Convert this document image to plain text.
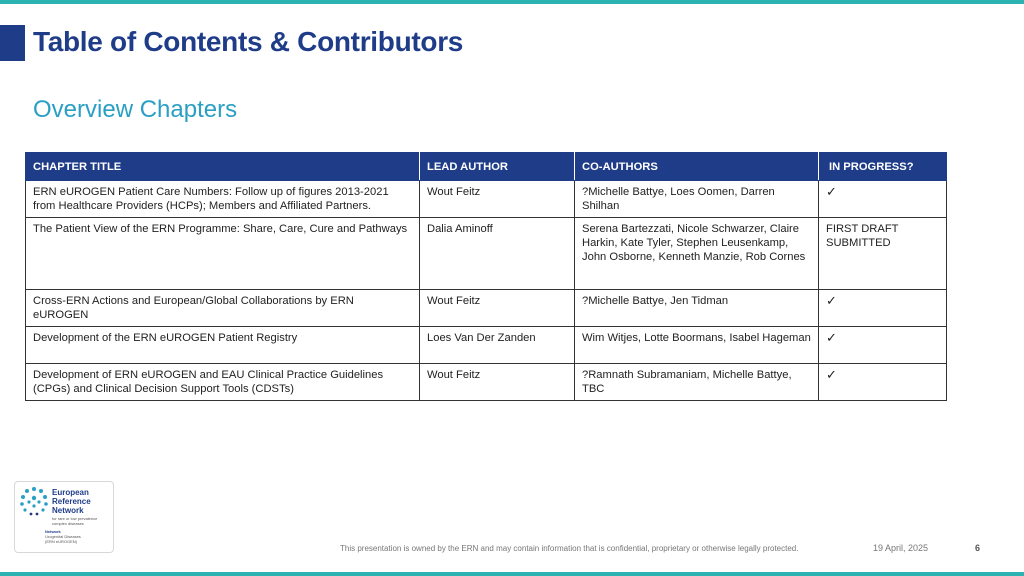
Table of Contents & Contributors
Overview Chapters
CHAPTER TITLE	LEAD AUTHOR	CO-AUTHORS	IN PROGRESS?
ERN eUROGEN Patient Care Numbers: Follow up of figures 2013-2021 from Healthcare Providers (HCPs); Members and Affiliated Partners.	Wout Feitz	?Michelle Battye, Loes Oomen, Darren Shilhan	✓
The Patient View of the ERN Programme: Share, Care, Cure and Pathways	Dalia Aminoff	Serena Bartezzati, Nicole Schwarzer, Claire Harkin, Kate Tyler, Stephen Leusenkamp, John Osborne, Kenneth Manzie, Rob Cornes	FIRST DRAFT SUBMITTED
Cross-ERN Actions and European/Global Collaborations by ERN eUROGEN	Wout Feitz	?Michelle Battye, Jen Tidman	✓
Development of the ERN eUROGEN Patient Registry	Loes Van Der Zanden	Wim Witjes, Lotte Boormans, Isabel Hageman	✓
Development of ERN eUROGEN and EAU Clinical Practice Guidelines (CPGs) and Clinical Decision Support Tools (CDSTs)	Wout Feitz	?Ramnath Subramaniam, Michelle Battye, TBC	✓
European
Reference
Network
for rare or low prevalence complex diseases
Network
Urogenital Diseases
(ERN eUROGEN)
This presentation is owned by the ERN and may contain information that is confidential, proprietary or otherwise legally protected.	19 April, 2025	6
